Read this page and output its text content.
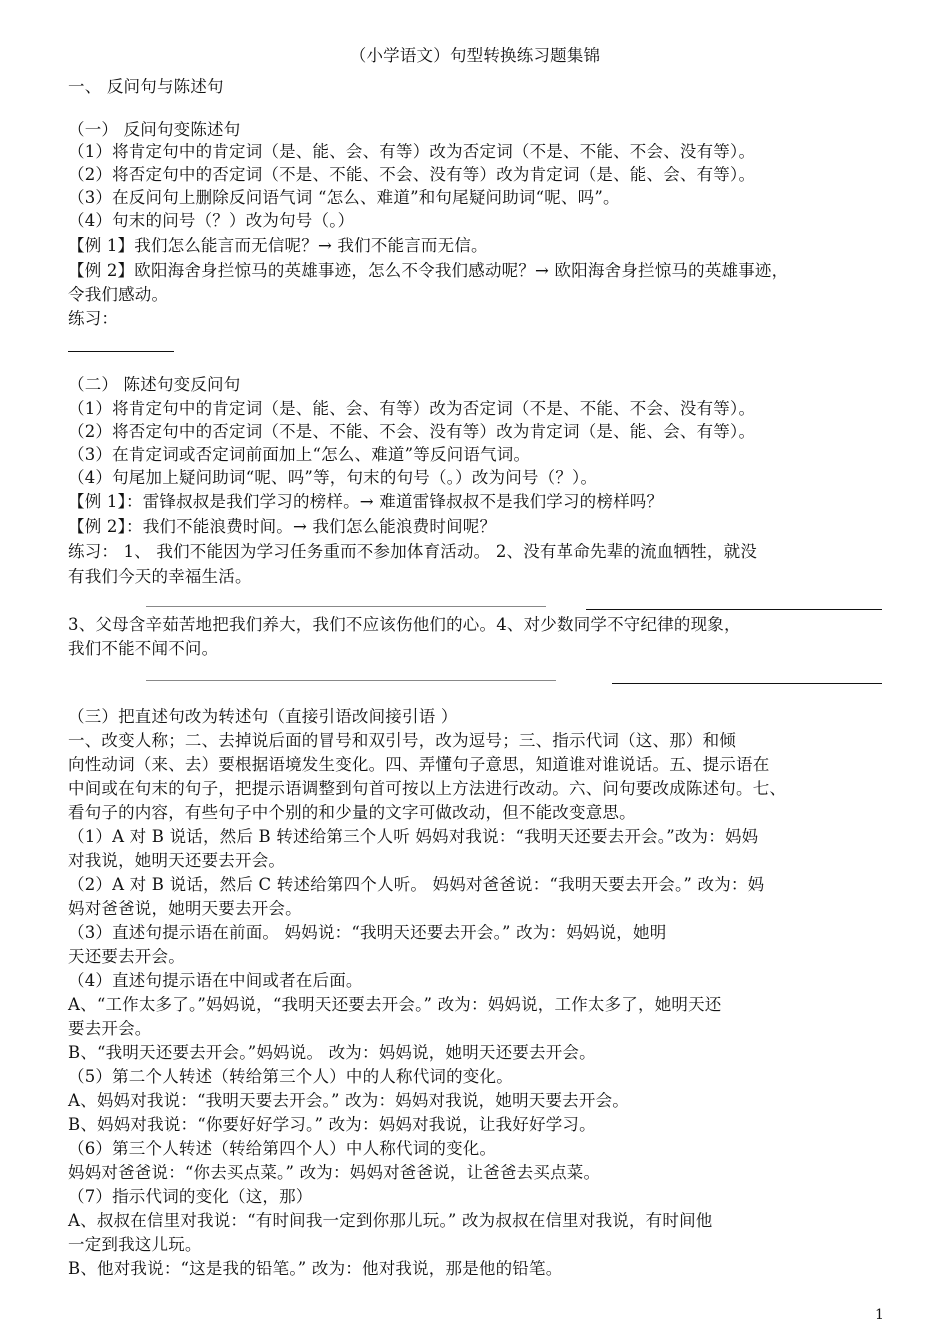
（小学语文）句型转换练习题集锦
一、 反问句与陈述句
（一） 反问句变陈述句
（1）将肯定句中的肯定词（是、能、会、有等）改为否定词（不是、不能、不会、没有等）。
（2）将否定句中的否定词（不是、不能、不会、没有等）改为肯定词（是、能、会、有等）。
（3）在反问句上删除反问语气词 “怎么、难道”和句尾疑问助词“呢、吗”。
（4）句末的问号（？）改为句号（。）
【例 1】我们怎么能言而无信呢？→ 我们不能言而无信。
【例 2】欧阳海舍身拦惊马的英雄事迹，怎么不令我们感动呢？→ 欧阳海舍身拦惊马的英雄事迹，
令我们感动。
练习：
（二） 陈述句变反问句
（1）将肯定句中的肯定词（是、能、会、有等）改为否定词（不是、不能、不会、没有等）。
（2）将否定句中的否定词（不是、不能、不会、没有等）改为肯定词（是、能、会、有等）。
（3）在肯定词或否定词前面加上“怎么、难道”等反问语气词。
（4）句尾加上疑问助词“呢、吗”等，句末的句号（。）改为问号（？）。
【例 1】：雷锋叔叔是我们学习的榜样。→ 难道雷锋叔叔不是我们学习的榜样吗？
【例 2】：我们不能浪费时间。→ 我们怎么能浪费时间呢？
练习： 1、 我们不能因为学习任务重而不参加体育活动。 2、没有革命先辈的流血牺牲，就没
有我们今天的幸福生活。
3、父母含辛茹苦地把我们养大，我们不应该伤他们的心。4、对少数同学不守纪律的现象，
我们不能不闻不问。
（三）把直述句改为转述句（直接引语改间接引语 ）
一、改变人称；二、去掉说后面的冒号和双引号，改为逗号；三、指示代词（这、那）和倾
向性动词（来、去）要根据语境发生变化。四、弄懂句子意思，知道谁对谁说话。五、提示语在
中间或在句末的句子，把提示语调整到句首可按以上方法进行改动。六、问句要改成陈述句。七、
看句子的内容，有些句子中个别的和少量的文字可做改动，但不能改变意思。
（1）A 对 B 说话，然后 B 转述给第三个人听 妈妈对我说：“我明天还要去开会。”改为：妈妈
对我说，她明天还要去开会。
（2）A 对 B 说话，然后 C 转述给第四个人听。 妈妈对爸爸说：“我明天要去开会。” 改为：妈
妈对爸爸说，她明天要去开会。
（3）直述句提示语在前面。 妈妈说：“我明天还要去开会。” 改为：妈妈说，她明
天还要去开会。
（4）直述句提示语在中间或者在后面。
A、“工作太多了。”妈妈说，“我明天还要去开会。” 改为：妈妈说，工作太多了，她明天还
要去开会。
B、“我明天还要去开会。”妈妈说。 改为：妈妈说，她明天还要去开会。
（5）第二个人转述（转给第三个人）中的人称代词的变化。
A、妈妈对我说：“我明天要去开会。” 改为：妈妈对我说，她明天要去开会。
B、妈妈对我说：“你要好好学习。” 改为：妈妈对我说，让我好好学习。
（6）第三个人转述（转给第四个人）中人称代词的变化。
妈妈对爸爸说：“你去买点菜。” 改为：妈妈对爸爸说，让爸爸去买点菜。
（7）指示代词的变化（这，那）
A、叔叔在信里对我说：“有时间我一定到你那儿玩。” 改为叔叔在信里对我说，有时间他
一定到我这儿玩。
B、他对我说：“这是我的铅笔。” 改为：他对我说，那是他的铅笔。
1
